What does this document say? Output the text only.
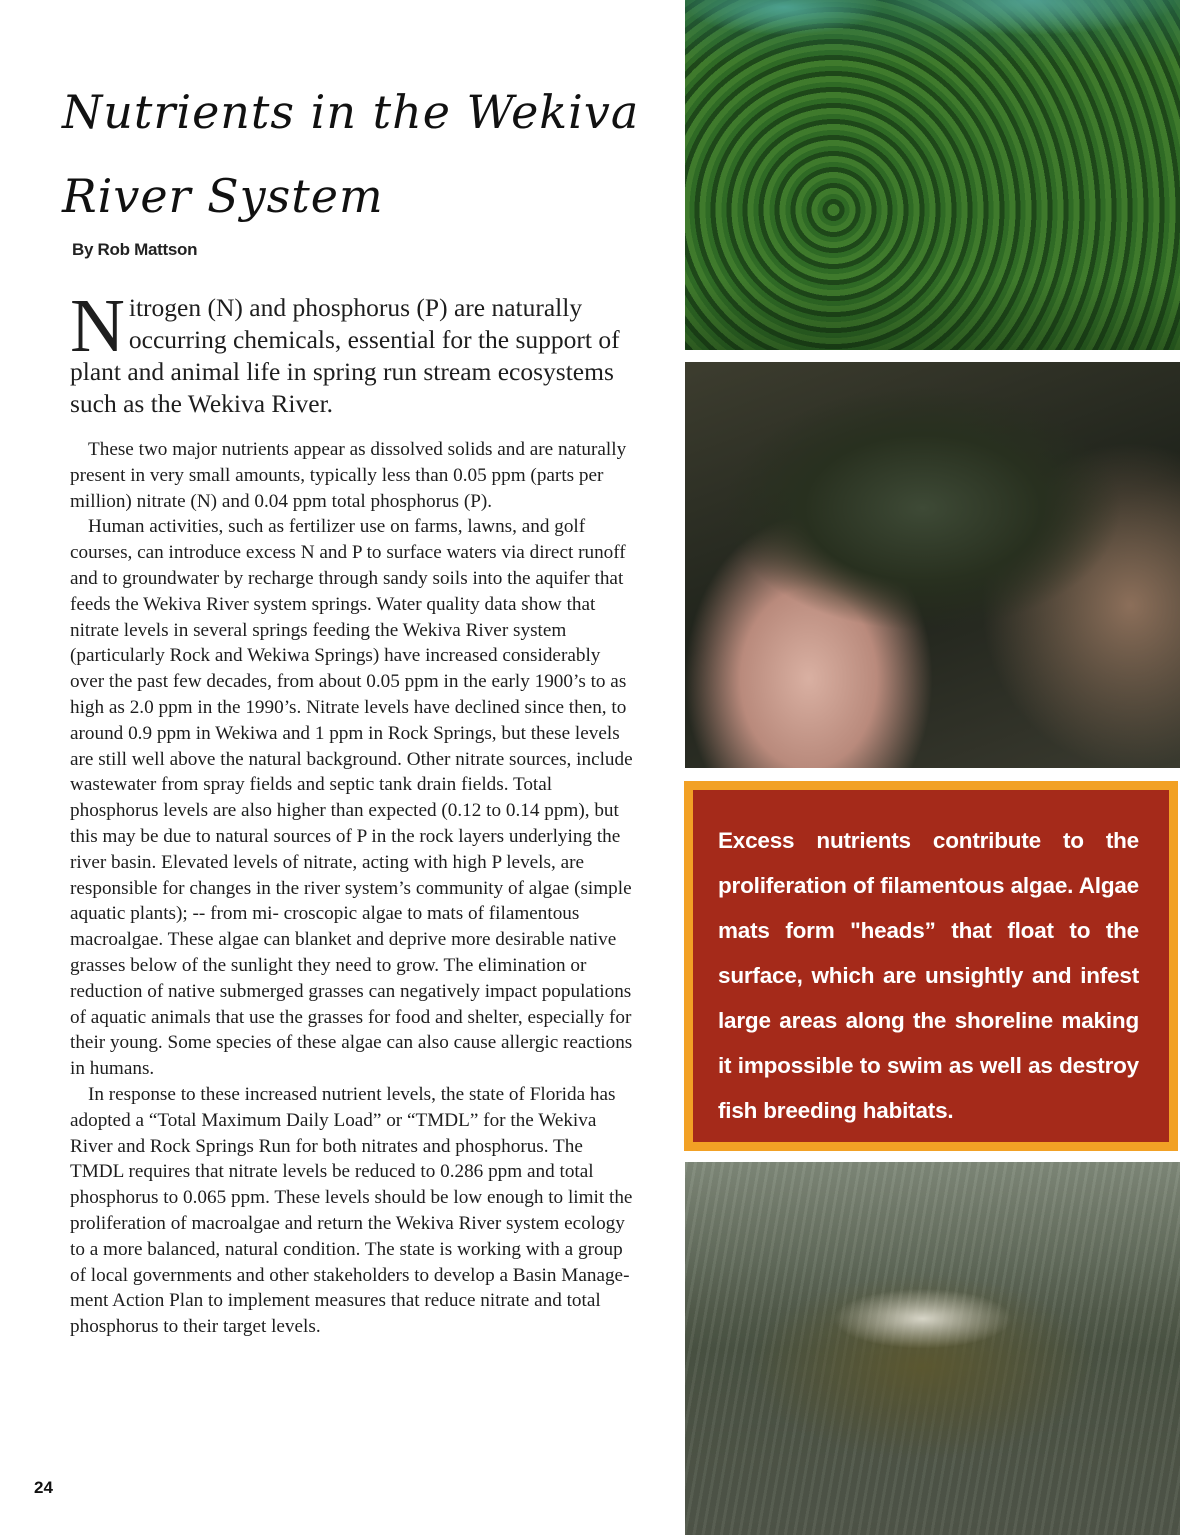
Nutrients in the Wekiva River System
By Rob Mattson

Nitrogen (N) and phosphorus (P) are naturally occurring chemicals, essential for the support of plant and animal life in spring run stream ecosystems such as the Wekiva River.

These two major nutrients appear as dissolved solids and are naturally present in very small amounts, typically less than 0.05 ppm (parts per million) nitrate (N) and 0.04 ppm total phosphorus (P).

Human activities, such as fertilizer use on farms, lawns, and golf courses, can introduce excess N and P to surface waters via direct runoff and to groundwater by recharge through sandy soils into the aquifer that feeds the Wekiva River system springs. Water quality data show that nitrate levels in several springs feeding the Wekiva River system (particularly Rock and Wekiwa Springs) have increased considerably over the past few decades, from about 0.05 ppm in the early 1900’s to as high as 2.0 ppm in the 1990’s. Nitrate levels have declined since then, to around 0.9 ppm in Wekiwa and 1 ppm in Rock Springs, but these levels are still well above the natural background. Other nitrate sources, include wastewater from spray fields and septic tank drain fields. Total phosphorus levels are also higher than expected (0.12 to 0.14 ppm), but this may be due to natural sources of P in the rock layers underlying the river basin. Elevated levels of nitrate, acting with high P levels, are responsible for changes in the river system’s community of algae (simple aquatic plants); -- from mi- croscopic algae to mats of filamentous macroalgae. These algae can blanket and deprive more desirable native grasses below of the sunlight they need to grow. The elimination or reduction of native submerged grasses can negatively impact populations of aquatic animals that use the grasses for food and shelter, especially for their young. Some species of these algae can also cause allergic reactions in humans.

In response to these increased nutrient levels, the state of Florida has adopted a “Total Maximum Daily Load” or “TMDL” for the Wekiva River and Rock Springs Run for both nitrates and phosphorus. The TMDL requires that nitrate levels be reduced to 0.286 ppm and total phosphorus to 0.065 ppm. These levels should be low enough to limit the proliferation of macroalgae and return the Wekiva River system ecology to a more balanced, natural condition. The state is working with a group of local governments and other stakeholders to develop a Basin Manage- ment Action Plan to implement measures that reduce nitrate and total phosphorus to their target levels.

24

Excess nutrients contribute to the proliferation of filamentous algae. Algae mats form "heads” that float to the surface, which are unsightly and infest large areas along the shoreline making it impossible to swim as well as destroy fish breeding habitats.
